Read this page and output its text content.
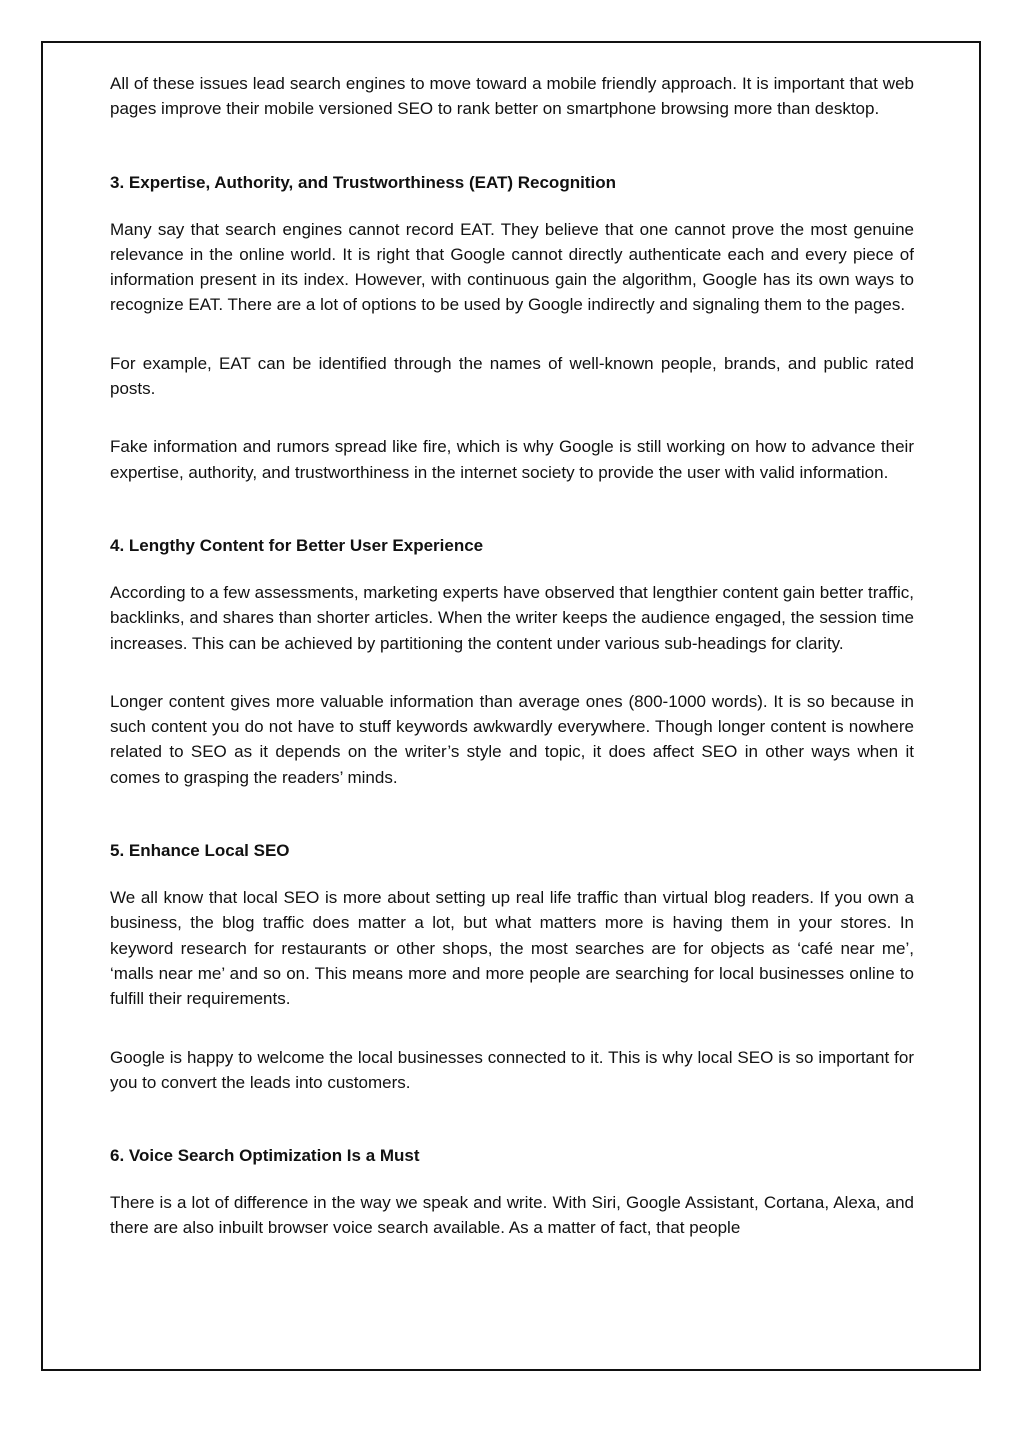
All of these issues lead search engines to move toward a mobile friendly approach. It is important that web pages improve their mobile versioned SEO to rank better on smartphone browsing more than desktop.

3. Expertise, Authority, and Trustworthiness (EAT) Recognition

Many say that search engines cannot record EAT. They believe that one cannot prove the most genuine relevance in the online world. It is right that Google cannot directly authenticate each and every piece of information present in its index. However, with continuous gain the algorithm, Google has its own ways to recognize EAT. There are a lot of options to be used by Google indirectly and signaling them to the pages.

For example, EAT can be identified through the names of well-known people, brands, and public rated posts.

Fake information and rumors spread like fire, which is why Google is still working on how to advance their expertise, authority, and trustworthiness in the internet society to provide the user with valid information.

4. Lengthy Content for Better User Experience

According to a few assessments, marketing experts have observed that lengthier content gain better traffic, backlinks, and shares than shorter articles. When the writer keeps the audience engaged, the session time increases. This can be achieved by partitioning the content under various sub-headings for clarity.

Longer content gives more valuable information than average ones (800-1000 words). It is so because in such content you do not have to stuff keywords awkwardly everywhere. Though longer content is nowhere related to SEO as it depends on the writer’s style and topic, it does affect SEO in other ways when it comes to grasping the readers’ minds.

5. Enhance Local SEO

We all know that local SEO is more about setting up real life traffic than virtual blog readers. If you own a business, the blog traffic does matter a lot, but what matters more is having them in your stores. In keyword research for restaurants or other shops, the most searches are for objects as ‘café near me’, ‘malls near me’ and so on. This means more and more people are searching for local businesses online to fulfill their requirements.

Google is happy to welcome the local businesses connected to it. This is why local SEO is so important for you to convert the leads into customers.

6. Voice Search Optimization Is a Must

There is a lot of difference in the way we speak and write. With Siri, Google Assistant, Cortana, Alexa, and there are also inbuilt browser voice search available. As a matter of fact, that people
